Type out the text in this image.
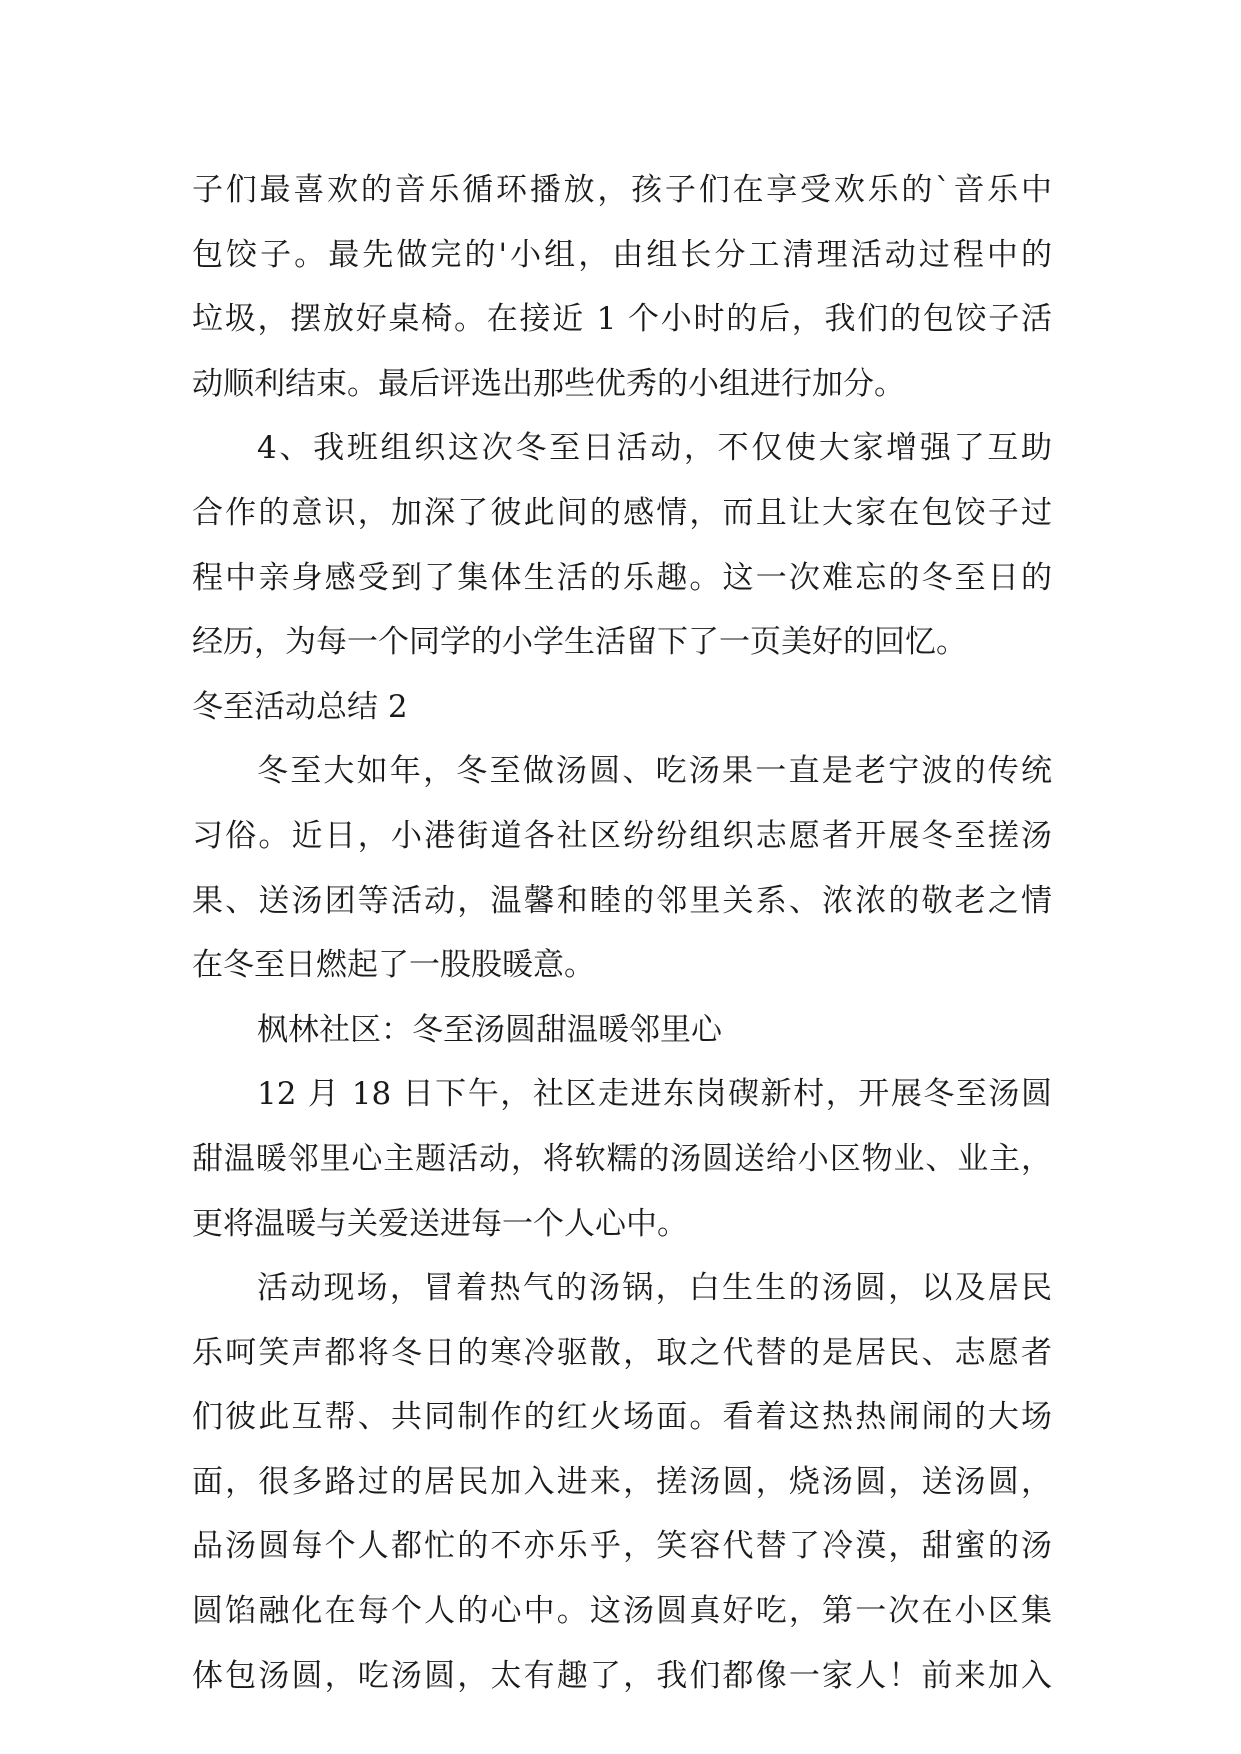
子们最喜欢的音乐循环播放，孩子们在享受欢乐的`音乐中
包饺子。最先做完的'小组，由组长分工清理活动过程中的
垃圾，摆放好桌椅。在接近 1 个小时的后，我们的包饺子活
动顺利结束。最后评选出那些优秀的小组进行加分。
4、我班组织这次冬至日活动，不仅使大家增强了互助
合作的意识，加深了彼此间的感情，而且让大家在包饺子过
程中亲身感受到了集体生活的乐趣。这一次难忘的冬至日的
经历，为每一个同学的小学生活留下了一页美好的回忆。
冬至活动总结 2
冬至大如年，冬至做汤圆、吃汤果一直是老宁波的传统
习俗。近日，小港街道各社区纷纷组织志愿者开展冬至搓汤
果、送汤团等活动，温馨和睦的邻里关系、浓浓的敬老之情
在冬至日燃起了一股股暖意。
枫林社区：冬至汤圆甜温暖邻里心
12 月 18 日下午，社区走进东岗碶新村，开展冬至汤圆
甜温暖邻里心主题活动，将软糯的汤圆送给小区物业、业主，
更将温暖与关爱送进每一个人心中。
活动现场，冒着热气的汤锅，白生生的汤圆，以及居民
乐呵笑声都将冬日的寒冷驱散，取之代替的是居民、志愿者
们彼此互帮、共同制作的红火场面。看着这热热闹闹的大场
面，很多路过的居民加入进来，搓汤圆，烧汤圆，送汤圆，
品汤圆每个人都忙的不亦乐乎，笑容代替了冷漠，甜蜜的汤
圆馅融化在每个人的心中。这汤圆真好吃，第一次在小区集
体包汤圆，吃汤圆，太有趣了，我们都像一家人！前来加入
